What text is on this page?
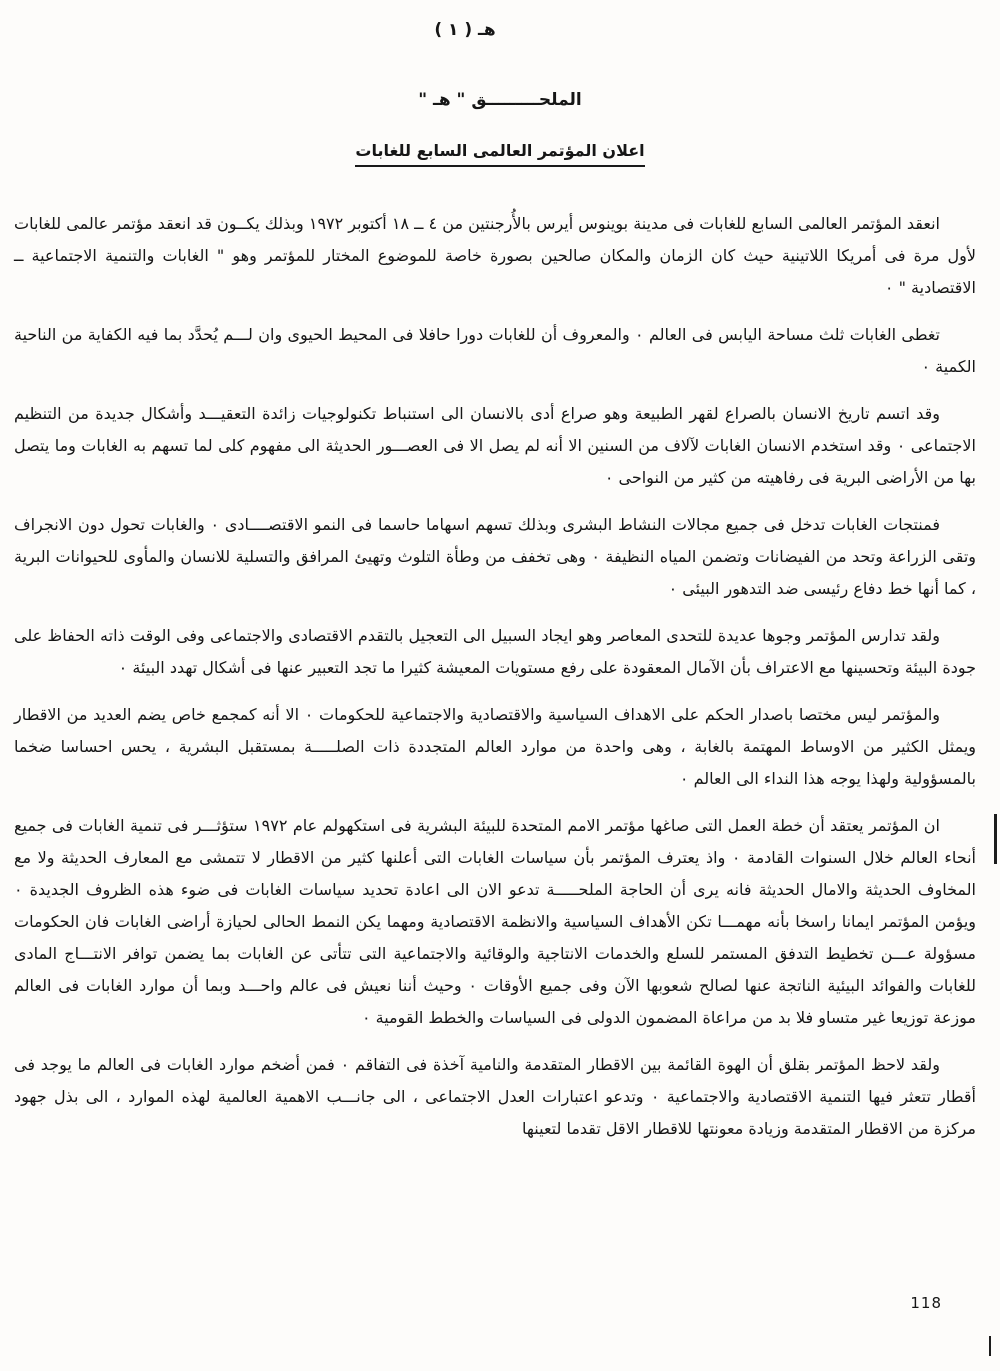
هـ ( ١ )
الملحـــــــــق " هـ "

اعلان المؤتمر العالمى السابع للغابات

انعقد المؤتمر العالمى السابع للغابات فى مدينة بوينوس أيرس بالأُرجنتين من ٤ ــ ١٨ أكتوبر ١٩٧٢ وبذلك يكــون قد انعقد مؤتمر عالمى للغابات لأول مرة فى أمريكا اللاتينية حيث كان الزمان والمكان صالحين بصورة خاصة للموضوع المختار للمؤتمر وهو " الغابات والتنمية الاجتماعية ــ الاقتصادية " ٠

تغطى الغابات ثلث مساحة اليابس فى العالم ٠ والمعروف أن للغابات دورا حافلا فى المحيط الحيوى وان لـــم يُحدَّد بما فيه الكفاية من الناحية الكمية ٠

وقد اتسم تاريخ الانسان بالصراع لقهر الطبيعة وهو صراع أدى بالانسان الى استنباط تكنولوجيات زائدة التعقيـــد وأشكال جديدة من التنظيم الاجتماعى ٠ وقد استخدم الانسان الغابات لآلاف من السنين الا أنه لم يصل الا فى العصـــور الحديثة الى مفهوم كلى لما تسهم به الغابات وما يتصل بها من الأراضى البرية فى رفاهيته من كثير من النواحى ٠

فمنتجات الغابات تدخل فى جميع مجالات النشاط البشرى وبذلك تسهم اسهاما حاسما فى النمو الاقتصــــادى ٠ والغابات تحول دون الانجراف وتقى الزراعة وتحد من الفيضانات وتضمن المياه النظيفة ٠ وهى تخفف من وطأة التلوث وتهيئ المرافق والتسلية للانسان والمأوى للحيوانات البرية ، كما أنها خط دفاع رئيسى ضد التدهور البيئى ٠

ولقد تدارس المؤتمر وجوها عديدة للتحدى المعاصر وهو ايجاد السبيل الى التعجيل بالتقدم الاقتصادى والاجتماعى وفى الوقت ذاته الحفاظ على جودة البيئة وتحسينها مع الاعتراف بأن الآمال المعقودة على رفع مستويات المعيشة كثيرا ما تجد التعبير عنها فى أشكال تهدد البيئة ٠

والمؤتمر ليس مختصا باصدار الحكم على الاهداف السياسية والاقتصادية والاجتماعية للحكومات ٠ الا أنه كمجمع خاص يضم العديد من الاقطار ويمثل الكثير من الاوساط المهتمة بالغابة ، وهى واحدة من موارد العالم المتجددة ذات الصلـــــة بمستقبل البشرية ، يحس احساسا ضخما بالمسؤولية ولهذا يوجه هذا النداء الى العالم ٠

ان المؤتمر يعتقد أن خطة العمل التى صاغها مؤتمر الامم المتحدة للبيئة البشرية فى استكهولم عام ١٩٧٢ ستؤثـــر فى تنمية الغابات فى جميع أنحاء العالم خلال السنوات القادمة ٠ واذ يعترف المؤتمر بأن سياسات الغابات التى أعلنها كثير من الاقطار لا تتمشى مع المعارف الحديثة ولا مع المخاوف الحديثة والامال الحديثة فانه يرى أن الحاجة الملحـــــة تدعو الان الى اعادة تحديد سياسات الغابات فى ضوء هذه الظروف الجديدة ٠ ويؤمن المؤتمر ايمانا راسخا بأنه مهمـــا تكن الأهداف السياسية والانظمة الاقتصادية ومهما يكن النمط الحالى لحيازة أراضى الغابات فان الحكومات مسؤولة عـــن تخطيط التدفق المستمر للسلع والخدمات الانتاجية والوقائية والاجتماعية التى تتأتى عن الغابات بما يضمن توافر الانتـــاج المادى للغابات والفوائد البيئية الناتجة عنها لصالح شعوبها الآن وفى جميع الأوقات ٠ وحيث أننا نعيش فى عالم واحـــد وبما أن موارد الغابات فى العالم موزعة توزيعا غير متساو فلا بد من مراعاة المضمون الدولى فى السياسات والخطط القومية ٠

ولقد لاحظ المؤتمر بقلق أن الهوة القائمة بين الاقطار المتقدمة والنامية آخذة فى التفاقم ٠ فمن أضخم موارد الغابات فى العالم ما يوجد فى أقطار تتعثر فيها التنمية الاقتصادية والاجتماعية ٠ وتدعو اعتبارات العدل الاجتماعى ، الى جانـــب الاهمية العالمية لهذه الموارد ، الى بذل جهود مركزة من الاقطار المتقدمة وزيادة معونتها للاقطار الاقل تقدما لتعينها

118
